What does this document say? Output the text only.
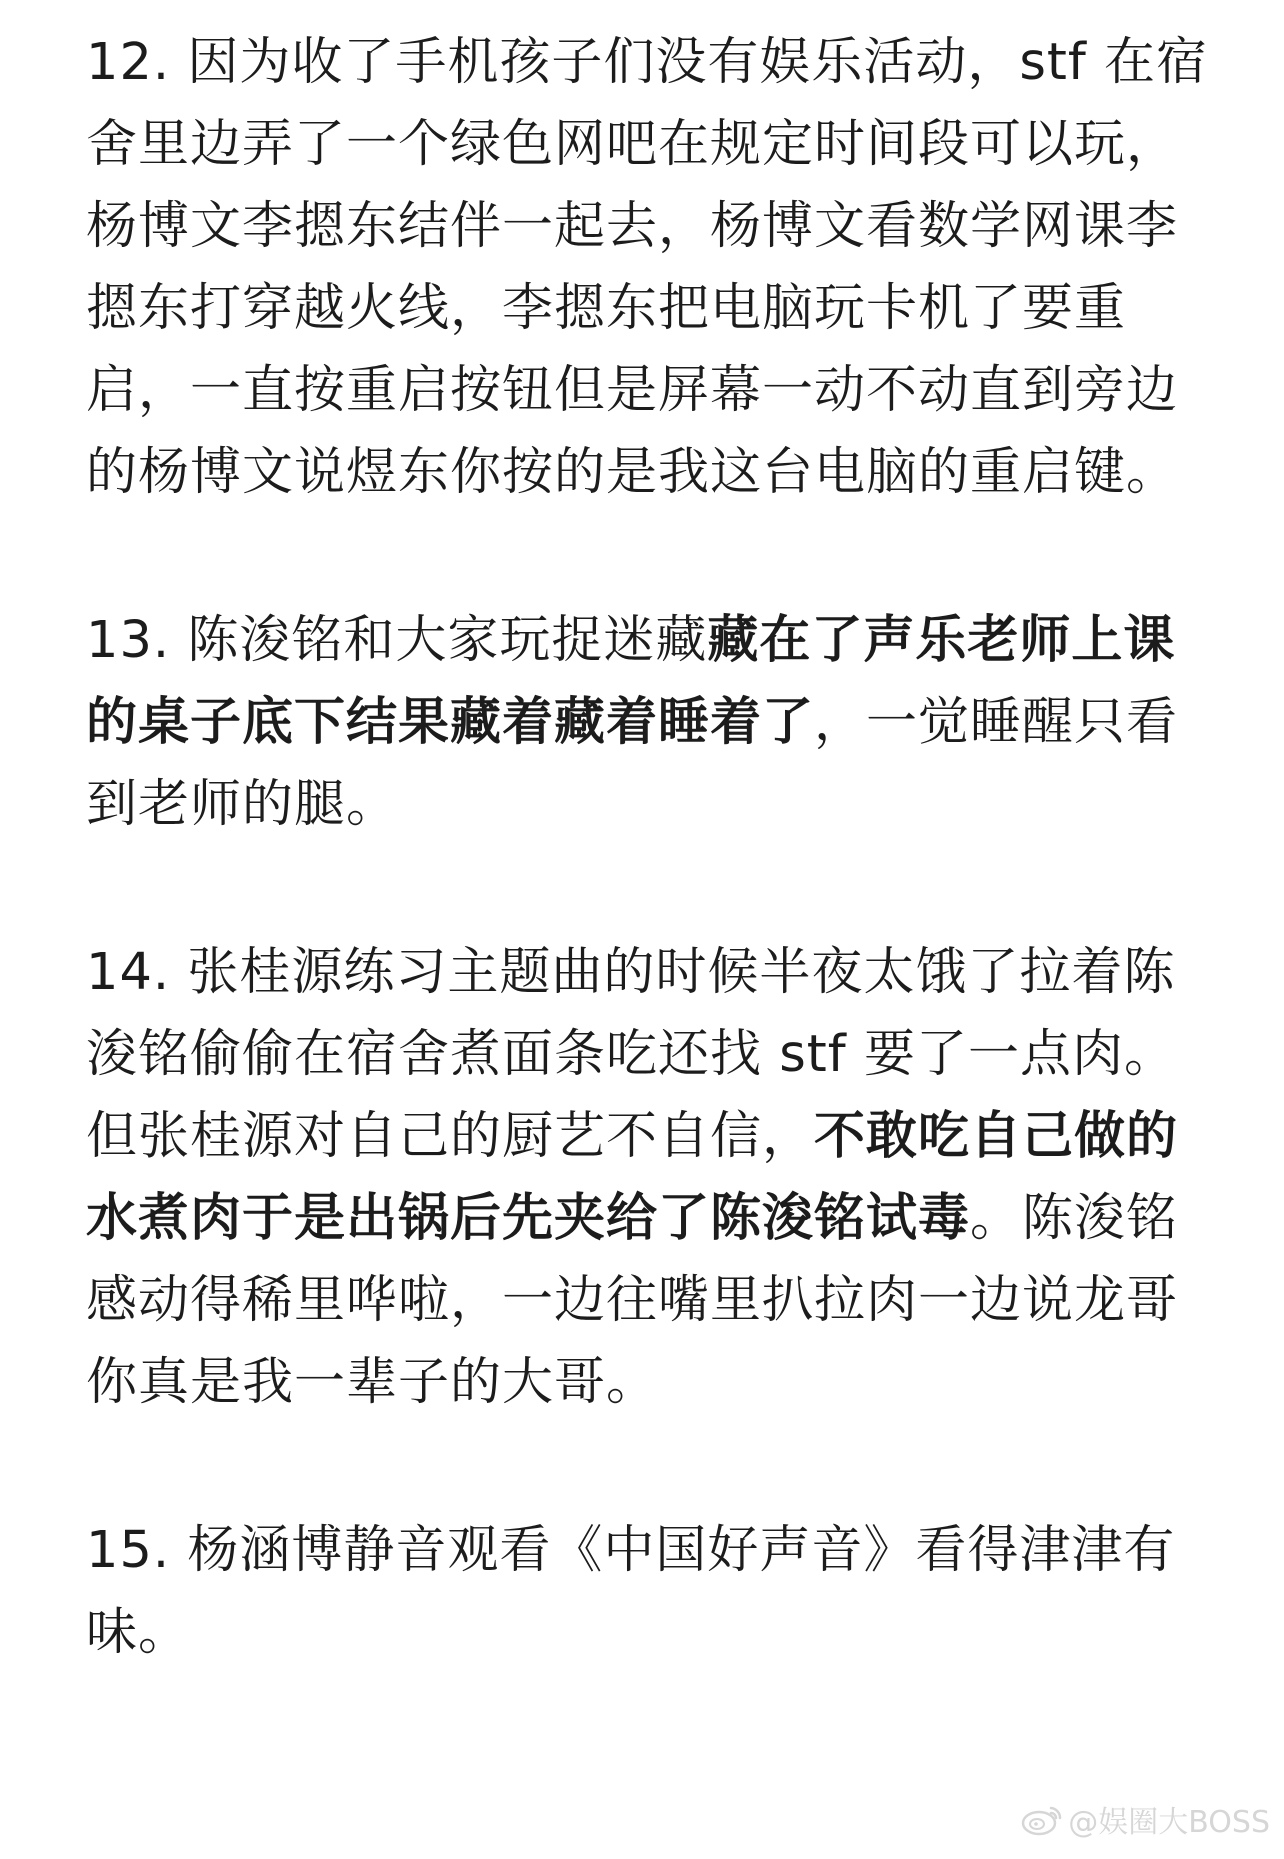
12. 因为收了手机孩子们没有娱乐活动，stf 在宿舍里边弄了一个绿色网吧在规定时间段可以玩，杨博文李摁东结伴一起去，杨博文看数学网课李摁东打穿越火线，李摁东把电脑玩卡机了要重启，一直按重启按钮但是屏幕一动不动直到旁边的杨博文说煜东你按的是我这台电脑的重启键。

13. 陈浚铭和大家玩捉迷藏藏在了声乐老师上课的桌子底下结果藏着藏着睡着了，一觉睡醒只看到老师的腿。

14. 张桂源练习主题曲的时候半夜太饿了拉着陈浚铭偷偷在宿舍煮面条吃还找 stf 要了一点肉。但张桂源对自己的厨艺不自信，不敢吃自己做的水煮肉于是出锅后先夹给了陈浚铭试毒。陈浚铭感动得稀里哗啦，一边往嘴里扒拉肉一边说龙哥你真是我一辈子的大哥。

15. 杨涵博静音观看《中国好声音》看得津津有味。

@娱圈大BOSS
